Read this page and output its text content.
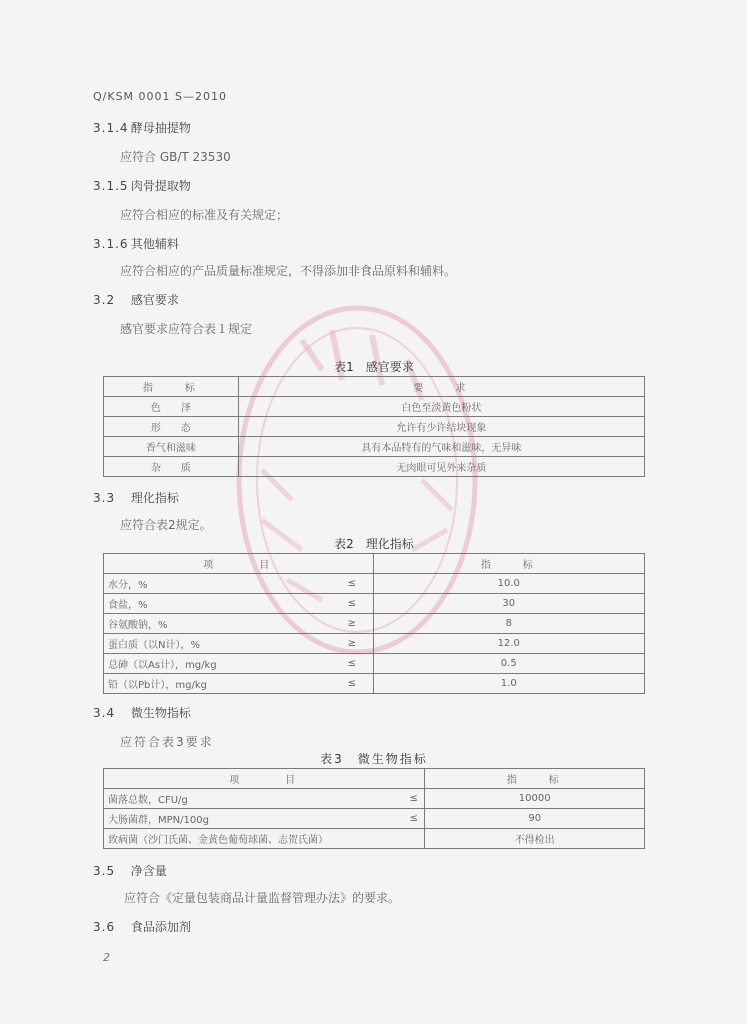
Q/KSM 0001 S—2010
3.1.4 酵母抽提物
应符合 GB/T 23530
3.1.5 肉骨提取物
应符合相应的标准及有关规定；
3.1.6 其他辅料
应符合相应的产品质量标准规定，不得添加非食品原料和辅料。
3.2 感官要求
感官要求应符合表１规定
表1　感官要求
指　　标	要　　求
色　　泽	白色至淡黄色粉状
形　　态	允许有少许结块现象
香气和滋味	具有本品特有的气味和滋味，无异味
杂　　质	无肉眼可见外来杂质
3.3 理化指标
应符合表2规定。
表2　理化指标
项　　　目		指　　标
水分，%	≤	10.0
食盐，%	≤	30
谷氨酸钠，%	≥	8
蛋白质（以N计），%	≥	12.0
总砷（以As计），mg/kg	≤	0.5
铅（以Pb计），mg/kg	≤	1.0
3.4 微生物指标
应符合表3要求
表3　微生物指标
项　　　目		指　　标
菌落总数，CFU/g	≤	10000
大肠菌群，MPN/100g	≤	90
致病菌（沙门氏菌、金黄色葡萄球菌、志贺氏菌）		不得检出
3.5 净含量
应符合《定量包装商品计量监督管理办法》的要求。
3.6 食品添加剂
2
